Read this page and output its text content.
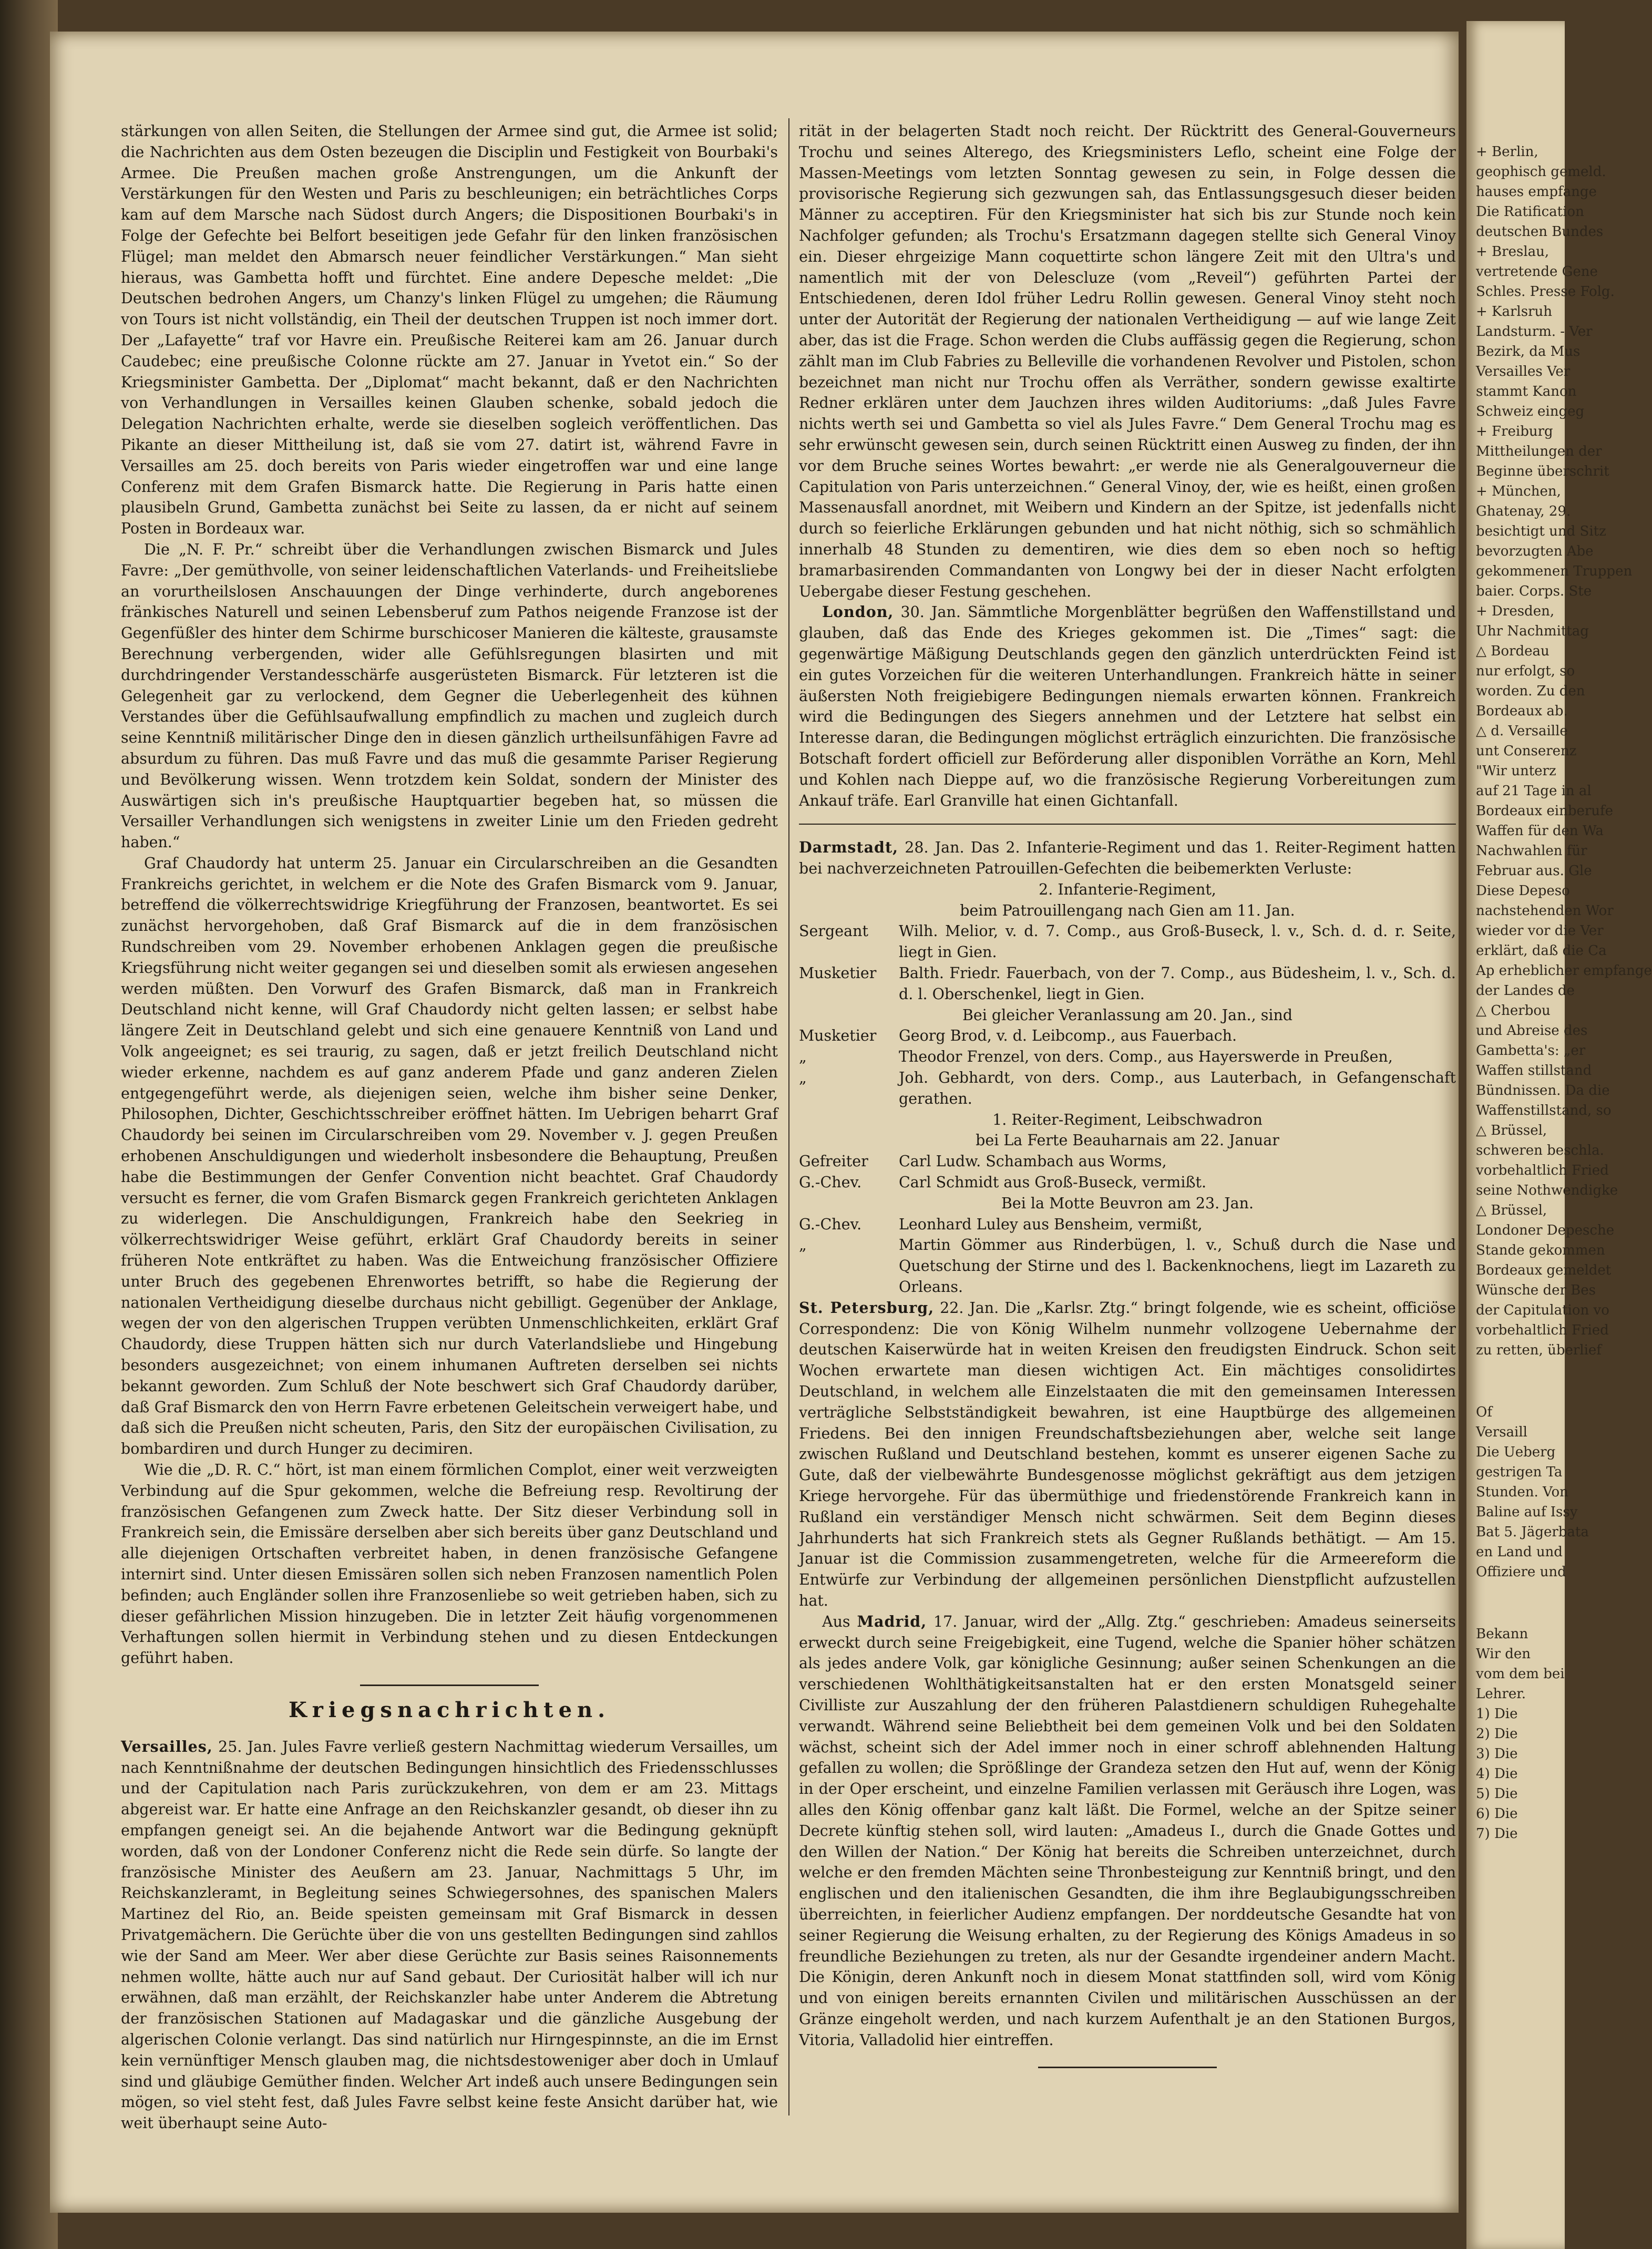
stärkungen von allen Seiten, die Stellungen der Armee sind gut, die Armee ist solid; die Nachrichten aus dem Osten bezeugen die Disciplin und Festigkeit von Bourbaki's Armee. Die Preußen machen große Anstrengungen, um die Ankunft der Verstärkungen für den Westen und Paris zu beschleunigen; ein beträchtliches Corps kam auf dem Marsche nach Südost durch Angers; die Dispositionen Bourbaki's in Folge der Gefechte bei Belfort beseitigen jede Gefahr für den linken französischen Flügel; man meldet den Abmarsch neuer feindlicher Verstärkungen.“ Man sieht hieraus, was Gambetta hofft und fürchtet. Eine andere Depesche meldet: „Die Deutschen bedrohen Angers, um Chanzy's linken Flügel zu umgehen; die Räumung von Tours ist nicht vollständig, ein Theil der deutschen Truppen ist noch immer dort. Der „Lafayette“ traf vor Havre ein. Preußische Reiterei kam am 26. Januar durch Caudebec; eine preußische Colonne rückte am 27. Januar in Yvetot ein.“ So der Kriegsminister Gambetta. Der „Diplomat“ macht bekannt, daß er den Nachrichten von Verhandlungen in Versailles keinen Glauben schenke, sobald jedoch die Delegation Nachrichten erhalte, werde sie dieselben sogleich veröffentlichen. Das Pikante an dieser Mittheilung ist, daß sie vom 27. datirt ist, während Favre in Versailles am 25. doch bereits von Paris wieder eingetroffen war und eine lange Conferenz mit dem Grafen Bismarck hatte. Die Regierung in Paris hatte einen plausibeln Grund, Gambetta zunächst bei Seite zu lassen, da er nicht auf seinem Posten in Bordeaux war.

Die „N. F. Pr.“ schreibt über die Verhandlungen zwischen Bismarck und Jules Favre: „Der gemüthvolle, von seiner leidenschaftlichen Vaterlands- und Freiheitsliebe an vorurtheilslosen Anschauungen der Dinge verhinderte, durch angeborenes fränkisches Naturell und seinen Lebensberuf zum Pathos neigende Franzose ist der Gegenfüßler des hinter dem Schirme burschicoser Manieren die kälteste, grausamste Berechnung verbergenden, wider alle Gefühlsregungen blasirten und mit durchdringender Verstandesschärfe ausgerüsteten Bismarck. Für letzteren ist die Gelegenheit gar zu verlockend, dem Gegner die Ueberlegenheit des kühnen Verstandes über die Gefühlsaufwallung empfindlich zu machen und zugleich durch seine Kenntniß militärischer Dinge den in diesen gänzlich urtheilsunfähigen Favre ad absurdum zu führen. Das muß Favre und das muß die gesammte Pariser Regierung und Bevölkerung wissen. Wenn trotzdem kein Soldat, sondern der Minister des Auswärtigen sich in's preußische Hauptquartier begeben hat, so müssen die Versailler Verhandlungen sich wenigstens in zweiter Linie um den Frieden gedreht haben.“

Graf Chaudordy hat unterm 25. Januar ein Circularschreiben an die Gesandten Frankreichs gerichtet, in welchem er die Note des Grafen Bismarck vom 9. Januar, betreffend die völkerrechtswidrige Kriegführung der Franzosen, beantwortet. Es sei zunächst hervorgehoben, daß Graf Bismarck auf die in dem französischen Rundschreiben vom 29. November erhobenen Anklagen gegen die preußische Kriegsführung nicht weiter gegangen sei und dieselben somit als erwiesen angesehen werden müßten. Den Vorwurf des Grafen Bismarck, daß man in Frankreich Deutschland nicht kenne, will Graf Chaudordy nicht gelten lassen; er selbst habe längere Zeit in Deutschland gelebt und sich eine genauere Kenntniß von Land und Volk angeeignet; es sei traurig, zu sagen, daß er jetzt freilich Deutschland nicht wieder erkenne, nachdem es auf ganz anderem Pfade und ganz anderen Zielen entgegengeführt werde, als diejenigen seien, welche ihm bisher seine Denker, Philosophen, Dichter, Geschichtsschreiber eröffnet hätten. Im Uebrigen beharrt Graf Chaudordy bei seinen im Circularschreiben vom 29. November v. J. gegen Preußen erhobenen Anschuldigungen und wiederholt insbesondere die Behauptung, Preußen habe die Bestimmungen der Genfer Convention nicht beachtet. Graf Chaudordy versucht es ferner, die vom Grafen Bismarck gegen Frankreich gerichteten Anklagen zu widerlegen. Die Anschuldigungen, Frankreich habe den Seekrieg in völkerrechtswidriger Weise geführt, erklärt Graf Chaudordy bereits in seiner früheren Note entkräftet zu haben. Was die Entweichung französischer Offiziere unter Bruch des gegebenen Ehrenwortes betrifft, so habe die Regierung der nationalen Vertheidigung dieselbe durchaus nicht gebilligt. Gegenüber der Anklage, wegen der von den algerischen Truppen verübten Unmenschlichkeiten, erklärt Graf Chaudordy, diese Truppen hätten sich nur durch Vaterlandsliebe und Hingebung besonders ausgezeichnet; von einem inhumanen Auftreten derselben sei nichts bekannt geworden. Zum Schluß der Note beschwert sich Graf Chaudordy darüber, daß Graf Bismarck den von Herrn Favre erbetenen Geleitschein verweigert habe, und daß sich die Preußen nicht scheuten, Paris, den Sitz der europäischen Civilisation, zu bombardiren und durch Hunger zu decimiren.

Wie die „D. R. C.“ hört, ist man einem förmlichen Complot, einer weit verzweigten Verbindung auf die Spur gekommen, welche die Befreiung resp. Revoltirung der französischen Gefangenen zum Zweck hatte. Der Sitz dieser Verbindung soll in Frankreich sein, die Emissäre derselben aber sich bereits über ganz Deutschland und alle diejenigen Ortschaften verbreitet haben, in denen französische Gefangene internirt sind. Unter diesen Emissären sollen sich neben Franzosen namentlich Polen befinden; auch Engländer sollen ihre Franzosenliebe so weit getrieben haben, sich zu dieser gefährlichen Mission hinzugeben. Die in letzter Zeit häufig vorgenommenen Verhaftungen sollen hiermit in Verbindung stehen und zu diesen Entdeckungen geführt haben.

Kriegsnachrichten.

Versailles, 25. Jan. Jules Favre verließ gestern Nachmittag wiederum Versailles, um nach Kenntnißnahme der deutschen Bedingungen hinsichtlich des Friedensschlusses und der Capitulation nach Paris zurückzukehren, von dem er am 23. Mittags abgereist war. Er hatte eine Anfrage an den Reichskanzler gesandt, ob dieser ihn zu empfangen geneigt sei. An die bejahende Antwort war die Bedingung geknüpft worden, daß von der Londoner Conferenz nicht die Rede sein dürfe. So langte der französische Minister des Aeußern am 23. Januar, Nachmittags 5 Uhr, im Reichskanzleramt, in Begleitung seines Schwiegersohnes, des spanischen Malers Martinez del Rio, an. Beide speisten gemeinsam mit Graf Bismarck in dessen Privatgemächern. Die Gerüchte über die von uns gestellten Bedingungen sind zahllos wie der Sand am Meer. Wer aber diese Gerüchte zur Basis seines Raisonnements nehmen wollte, hätte auch nur auf Sand gebaut. Der Curiosität halber will ich nur erwähnen, daß man erzählt, der Reichskanzler habe unter Anderem die Abtretung der französischen Stationen auf Madagaskar und die gänzliche Ausgebung der algerischen Colonie verlangt. Das sind natürlich nur Hirngespinnste, an die im Ernst kein vernünftiger Mensch glauben mag, die nichtsdestoweniger aber doch in Umlauf sind und gläubige Gemüther finden. Welcher Art indeß auch unsere Bedingungen sein mögen, so viel steht fest, daß Jules Favre selbst keine feste Ansicht darüber hat, wie weit überhaupt seine Auto-

rität in der belagerten Stadt noch reicht. Der Rücktritt des General-Gouverneurs Trochu und seines Alterego, des Kriegsministers Leflo, scheint eine Folge der Massen-Meetings vom letzten Sonntag gewesen zu sein, in Folge dessen die provisorische Regierung sich gezwungen sah, das Entlassungsgesuch dieser beiden Männer zu acceptiren. Für den Kriegsminister hat sich bis zur Stunde noch kein Nachfolger gefunden; als Trochu's Ersatzmann dagegen stellte sich General Vinoy ein. Dieser ehrgeizige Mann coquettirte schon längere Zeit mit den Ultra's und namentlich mit der von Delescluze (vom „Reveil“) geführten Partei der Entschiedenen, deren Idol früher Ledru Rollin gewesen. General Vinoy steht noch unter der Autorität der Regierung der nationalen Vertheidigung — auf wie lange Zeit aber, das ist die Frage. Schon werden die Clubs auffässig gegen die Regierung, schon zählt man im Club Fabries zu Belleville die vorhandenen Revolver und Pistolen, schon bezeichnet man nicht nur Trochu offen als Verräther, sondern gewisse exaltirte Redner erklären unter dem Jauchzen ihres wilden Auditoriums: „daß Jules Favre nichts werth sei und Gambetta so viel als Jules Favre.“ Dem General Trochu mag es sehr erwünscht gewesen sein, durch seinen Rücktritt einen Ausweg zu finden, der ihn vor dem Bruche seines Wortes bewahrt: „er werde nie als Generalgouverneur die Capitulation von Paris unterzeichnen.“ General Vinoy, der, wie es heißt, einen großen Massenausfall anordnet, mit Weibern und Kindern an der Spitze, ist jedenfalls nicht durch so feierliche Erklärungen gebunden und hat nicht nöthig, sich so schmählich innerhalb 48 Stunden zu dementiren, wie dies dem so eben noch so heftig bramarbasirenden Commandanten von Longwy bei der in dieser Nacht erfolgten Uebergabe dieser Festung geschehen.

London, 30. Jan. Sämmtliche Morgenblätter begrüßen den Waffenstillstand und glauben, daß das Ende des Krieges gekommen ist. Die „Times“ sagt: die gegenwärtige Mäßigung Deutschlands gegen den gänzlich unterdrückten Feind ist ein gutes Vorzeichen für die weiteren Unterhandlungen. Frankreich hätte in seiner äußersten Noth freigiebigere Bedingungen niemals erwarten können. Frankreich wird die Bedingungen des Siegers annehmen und der Letztere hat selbst ein Interesse daran, die Bedingungen möglichst erträglich einzurichten. Die französische Botschaft fordert officiell zur Beförderung aller disponiblen Vorräthe an Korn, Mehl und Kohlen nach Dieppe auf, wo die französische Regierung Vorbereitungen zum Ankauf träfe. Earl Granville hat einen Gichtanfall.

Darmstadt, 28. Jan. Das 2. Infanterie-Regiment und das 1. Reiter-Regiment hatten bei nachverzeichneten Patrouillen-Gefechten die beibemerkten Verluste:

2. Infanterie-Regiment,
beim Patrouillengang nach Gien am 11. Jan.
Sergeant	Wilh. Melior, v. d. 7. Comp., aus Groß-Buseck, l. v., Sch. d. d. r. Seite, liegt in Gien.
Musketier	Balth. Friedr. Fauerbach, von der 7. Comp., aus Büdesheim, l. v., Sch. d. d. l. Oberschenkel, liegt in Gien.
Bei gleicher Veranlassung am 20. Jan., sind
Musketier	Georg Brod, v. d. Leibcomp., aus Fauerbach.
„	Theodor Frenzel, von ders. Comp., aus Hayerswerde in Preußen,
„	Joh. Gebhardt, von ders. Comp., aus Lauterbach, in Gefangenschaft gerathen.
1. Reiter-Regiment, Leibschwadron
bei La Ferte Beauharnais am 22. Januar
Gefreiter	Carl Ludw. Schambach aus Worms,
G.-Chev.	Carl Schmidt aus Groß-Buseck, vermißt.
Bei la Motte Beuvron am 23. Jan.
G.-Chev.	Leonhard Luley aus Bensheim, vermißt,
„	Martin Gömmer aus Rinderbügen, l. v., Schuß durch die Nase und Quetschung der Stirne und des l. Backenknochens, liegt im Lazareth zu Orleans.

St. Petersburg, 22. Jan. Die „Karlsr. Ztg.“ bringt folgende, wie es scheint, officiöse Correspondenz: Die von König Wilhelm nunmehr vollzogene Uebernahme der deutschen Kaiserwürde hat in weiten Kreisen den freudigsten Eindruck. Schon seit Wochen erwartete man diesen wichtigen Act. Ein mächtiges consolidirtes Deutschland, in welchem alle Einzelstaaten die mit den gemeinsamen Interessen verträgliche Selbstständigkeit bewahren, ist eine Hauptbürge des allgemeinen Friedens. Bei den innigen Freundschaftsbeziehungen aber, welche seit lange zwischen Rußland und Deutschland bestehen, kommt es unserer eigenen Sache zu Gute, daß der vielbewährte Bundesgenosse möglichst gekräftigt aus dem jetzigen Kriege hervorgehe. Für das übermüthige und friedenstörende Frankreich kann in Rußland ein verständiger Mensch nicht schwärmen. Seit dem Beginn dieses Jahrhunderts hat sich Frankreich stets als Gegner Rußlands bethätigt. — Am 15. Januar ist die Commission zusammengetreten, welche für die Armeereform die Entwürfe zur Verbindung der allgemeinen persönlichen Dienstpflicht aufzustellen hat.

Aus Madrid, 17. Januar, wird der „Allg. Ztg.“ geschrieben: Amadeus seinerseits erweckt durch seine Freigebigkeit, eine Tugend, welche die Spanier höher schätzen als jedes andere Volk, gar königliche Gesinnung; außer seinen Schenkungen an die verschiedenen Wohlthätigkeitsanstalten hat er den ersten Monatsgeld seiner Civilliste zur Auszahlung der den früheren Palastdienern schuldigen Ruhegehalte verwandt. Während seine Beliebtheit bei dem gemeinen Volk und bei den Soldaten wächst, scheint sich der Adel immer noch in einer schroff ablehnenden Haltung gefallen zu wollen; die Sprößlinge der Grandeza setzen den Hut auf, wenn der König in der Oper erscheint, und einzelne Familien verlassen mit Geräusch ihre Logen, was alles den König offenbar ganz kalt läßt. Die Formel, welche an der Spitze seiner Decrete künftig stehen soll, wird lauten: „Amadeus I., durch die Gnade Gottes und den Willen der Nation.“ Der König hat bereits die Schreiben unterzeichnet, durch welche er den fremden Mächten seine Thronbesteigung zur Kenntniß bringt, und den englischen und den italienischen Gesandten, die ihm ihre Beglaubigungsschreiben überreichten, in feierlicher Audienz empfangen. Der norddeutsche Gesandte hat von seiner Regierung die Weisung erhalten, zu der Regierung des Königs Amadeus in so freundliche Beziehungen zu treten, als nur der Gesandte irgendeiner andern Macht. Die Königin, deren Ankunft noch in diesem Monat stattfinden soll, wird vom König und von einigen bereits ernannten Civilen und militärischen Ausschüssen an der Gränze eingeholt werden, und nach kurzem Aufenthalt je an den Stationen Burgos, Vitoria, Valladolid hier eintreffen.

+ Berlin,
geophisch gemeld.
hauses empfange
Die Ratification
deutschen Bundes
+ Breslau,
vertretende Gene
Schles. Presse Folg.
+ Karlsruh
Landsturm. - Ver
Bezirk, da Mus
Versailles Ver
stammt Kanon
Schweiz eingeg
+ Freiburg
Mittheilungen der
Beginne überschrit
+ München,
Ghatenay, 29.
besichtigt und Sitz
bevorzugten Abe
gekommenen Truppen
baier. Corps. Ste
+ Dresden,
Uhr Nachmittag
△ Bordeau
nur erfolgt, so
worden. Zu den
Bordeaux ab.
△ d. Versaille
unt Conserenz
"Wir unterz
auf 21 Tage in al
Bordeaux einberufe
Waffen für den Wa
Nachwahlen für
Februar aus. Gle
Diese Depeso
nachstehenden Wor
wieder vor die Ver
erklärt, daß die Ca
Ap erheblicher empfange
der Landes de
△ Cherbou
und Abreise des
Gambetta's: „er
Waffen stillstand
Bündnissen. Da die
Waffenstillstand, so
△ Brüssel,
schweren beschla.
vorbehaltlich Fried
seine Nothwendigke
△ Brüssel,
Londoner Depesche
Stande gekommen
Bordeaux gemeldet
Wünsche der Bes
der Capitulation vo
vorbehaltlich Fried
zu retten, überlief
Of
Versaill
Die Ueberg
gestrigen Ta
Stunden. Von
Baline auf Issy
Bat 5. Jägerbata
en Land und
Offiziere und
Bekann
Wir den
vom dem bei
Lehrer.
1) Die
2) Die
3) Die
4) Die
5) Die
6) Die
7) Die
